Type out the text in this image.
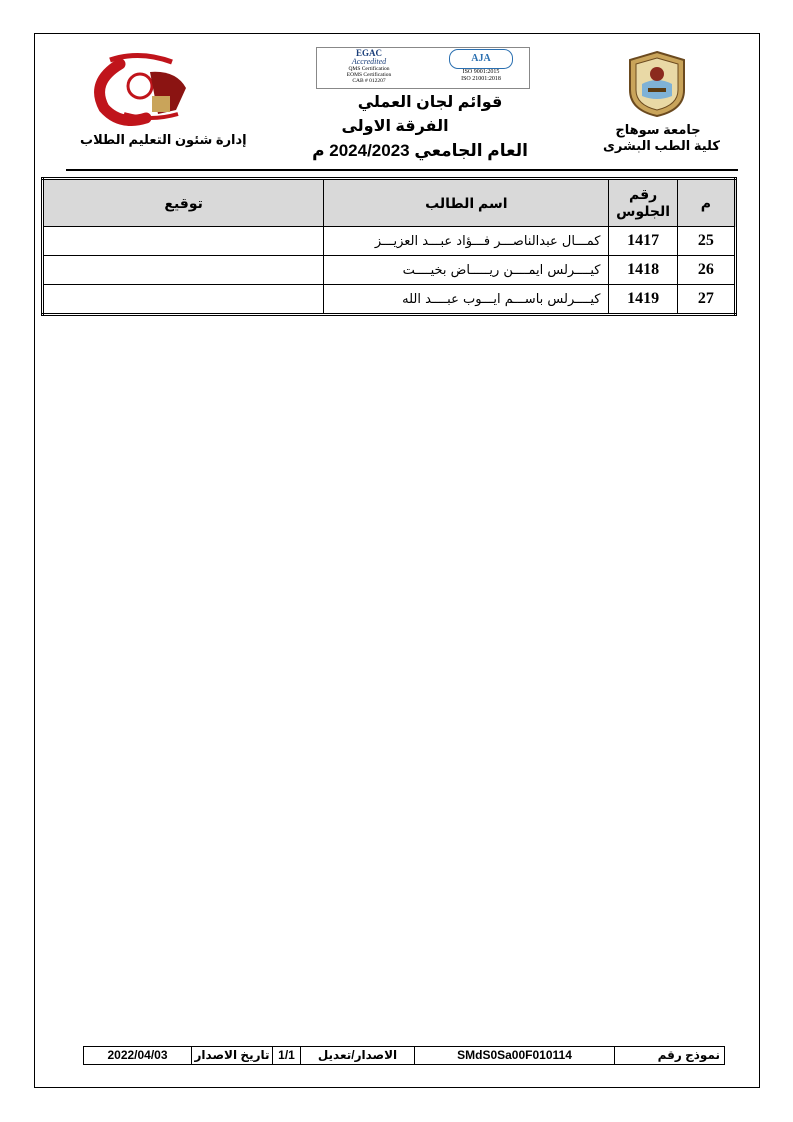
جامعة سوهاج
كلية الطب البشرى
EGAC
Accredited
QMS Certification
EOMS Certification
CAB # 012207
AJA
ISO 9001:2015
ISO 21001:2018
قوائم لجان العملي
الفرقة الاولى
العام الجامعي 2024/2023 م
إدارة شئون التعليم الطلاب
م	رقم الجلوس	اسم الطالب	توقيع
25	1417	كمـــال عبدالناصـــر فـــؤاد عبـــد العزيـــز	
26	1418	كيــــرلس ايمــــن ريـــــاض بخيــــت	
27	1419	كيــــرلس باســـم ايـــوب عبــــد الله	
2022/04/03	تاريخ الاصدار 1/1	الاصدار/تعديل	SMdS0Sa00F010114	نموذج رقم
